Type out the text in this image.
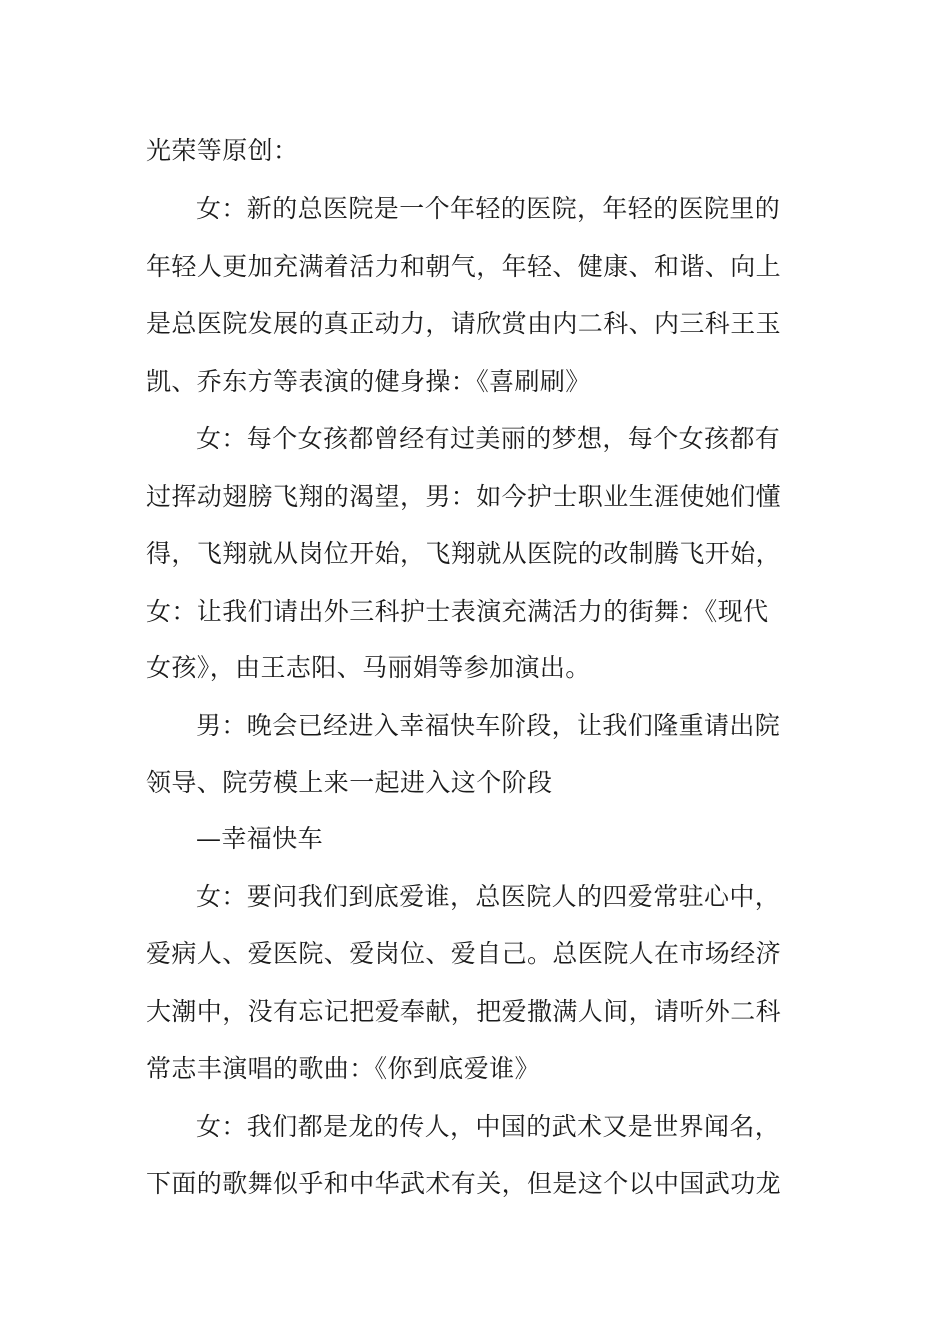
光荣等原创：
女：新的总医院是一个年轻的医院，年轻的医院里的
年轻人更加充满着活力和朝气，年轻、健康、和谐、向上
是总医院发展的真正动力，请欣赏由内二科、内三科王玉
凯、乔东方等表演的健身操：《喜刷刷》
女：每个女孩都曾经有过美丽的梦想，每个女孩都有
过挥动翅膀飞翔的渴望，男：如今护士职业生涯使她们懂
得，飞翔就从岗位开始，飞翔就从医院的改制腾飞开始，
女：让我们请出外三科护士表演充满活力的街舞：《现代
女孩》，由王志阳、马丽娟等参加演出。
男：晚会已经进入幸福快车阶段，让我们隆重请出院
领导、院劳模上来一起进入这个阶段
—幸福快车
女：要问我们到底爱谁，总医院人的四爱常驻心中，
爱病人、爱医院、爱岗位、爱自己。总医院人在市场经济
大潮中，没有忘记把爱奉献，把爱撒满人间，请听外二科
常志丰演唱的歌曲：《你到底爱谁》
女：我们都是龙的传人，中国的武术又是世界闻名，
下面的歌舞似乎和中华武术有关，但是这个以中国武功龙
